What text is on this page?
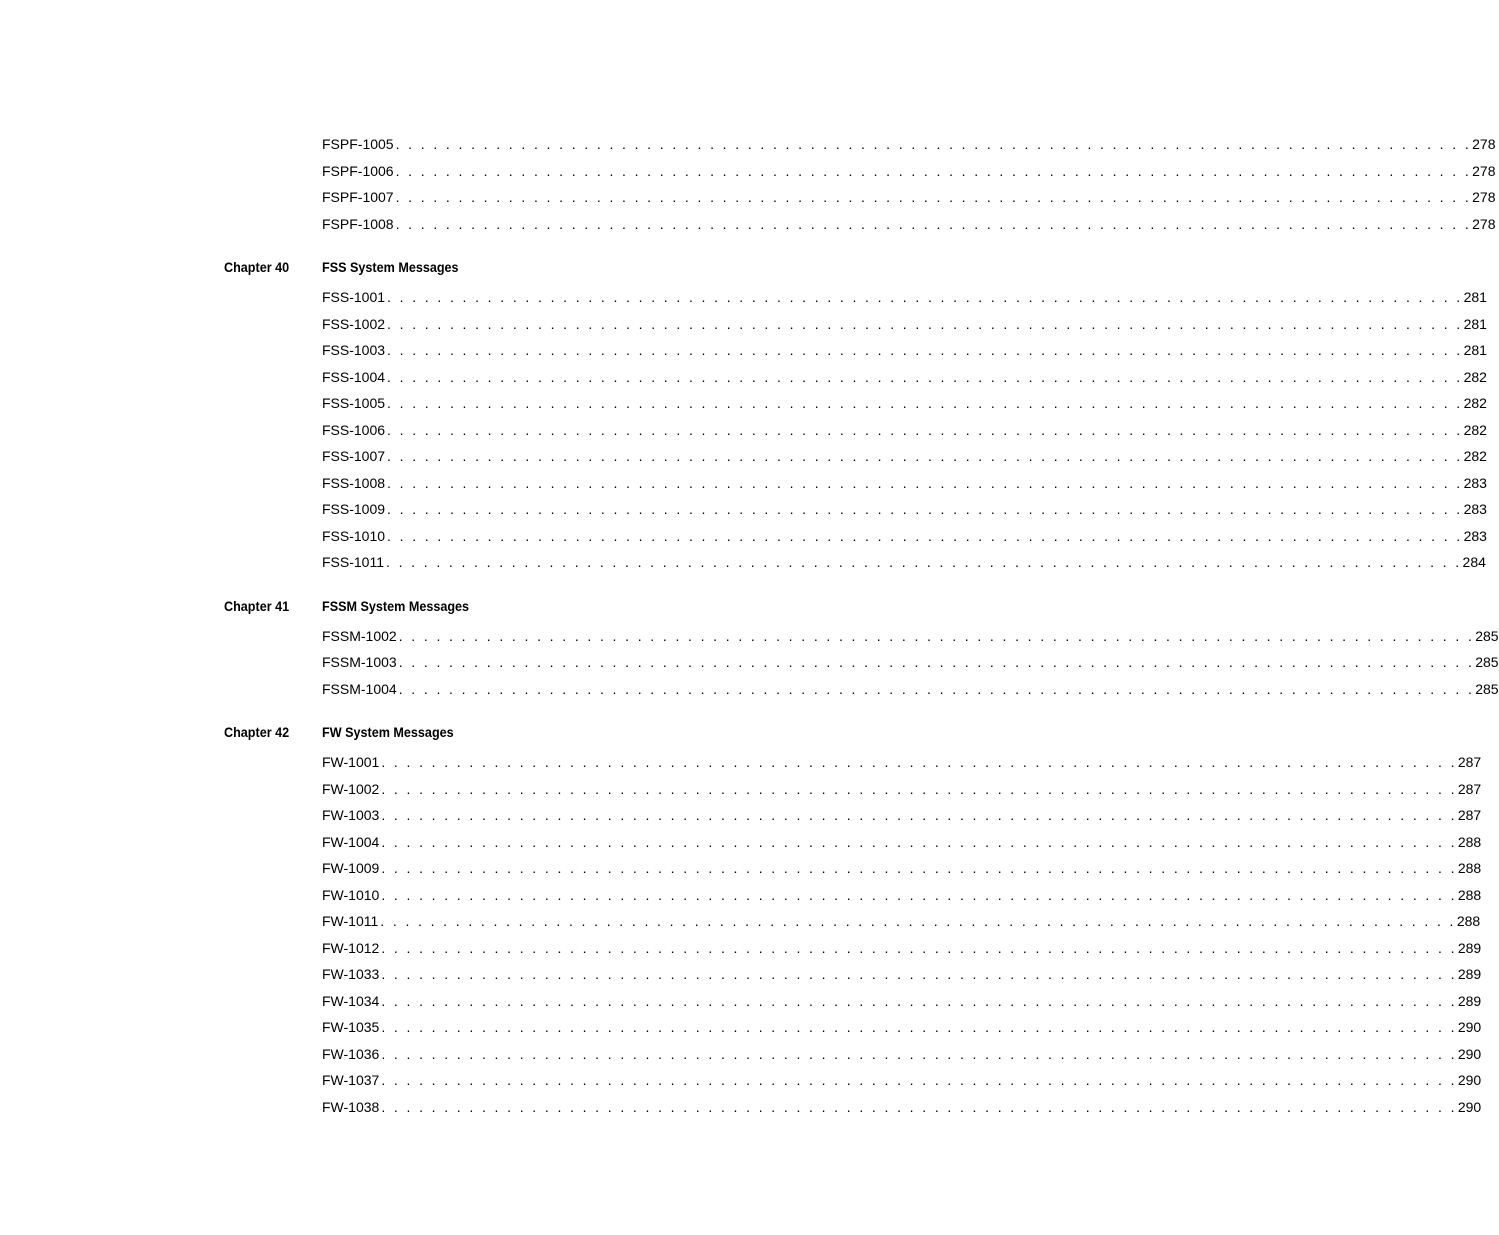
FSPF-1005 . . . . . . . . . . . . . . . . . . . . . . . . . . . . . . . . . . . . . . . . . . . . . . . . . . . . . . . . . . . . . . . . . . . . . . . . . . . . . . . . . . . . . . 278
FSPF-1006 . . . . . . . . . . . . . . . . . . . . . . . . . . . . . . . . . . . . . . . . . . . . . . . . . . . . . . . . . . . . . . . . . . . . . . . . . . . . . . . . . . . . . . 278
FSPF-1007 . . . . . . . . . . . . . . . . . . . . . . . . . . . . . . . . . . . . . . . . . . . . . . . . . . . . . . . . . . . . . . . . . . . . . . . . . . . . . . . . . . . . . . 278
FSPF-1008 . . . . . . . . . . . . . . . . . . . . . . . . . . . . . . . . . . . . . . . . . . . . . . . . . . . . . . . . . . . . . . . . . . . . . . . . . . . . . . . . . . . . . . 278
Chapter 40 FSS System Messages
FSS-1001 . . . . . . . . . . . . . . . . . . . . . . . . . . . . . . . . . . . . . . . . . . . . . . . . . . . . . . . . . . . . . . . . . . . . . . . . . . . . . . . . . . . . . . 281
FSS-1002 . . . . . . . . . . . . . . . . . . . . . . . . . . . . . . . . . . . . . . . . . . . . . . . . . . . . . . . . . . . . . . . . . . . . . . . . . . . . . . . . . . . . . . 281
FSS-1003 . . . . . . . . . . . . . . . . . . . . . . . . . . . . . . . . . . . . . . . . . . . . . . . . . . . . . . . . . . . . . . . . . . . . . . . . . . . . . . . . . . . . . . 281
FSS-1004 . . . . . . . . . . . . . . . . . . . . . . . . . . . . . . . . . . . . . . . . . . . . . . . . . . . . . . . . . . . . . . . . . . . . . . . . . . . . . . . . . . . . . . 282
FSS-1005 . . . . . . . . . . . . . . . . . . . . . . . . . . . . . . . . . . . . . . . . . . . . . . . . . . . . . . . . . . . . . . . . . . . . . . . . . . . . . . . . . . . . . . 282
FSS-1006 . . . . . . . . . . . . . . . . . . . . . . . . . . . . . . . . . . . . . . . . . . . . . . . . . . . . . . . . . . . . . . . . . . . . . . . . . . . . . . . . . . . . . . 282
FSS-1007 . . . . . . . . . . . . . . . . . . . . . . . . . . . . . . . . . . . . . . . . . . . . . . . . . . . . . . . . . . . . . . . . . . . . . . . . . . . . . . . . . . . . . . 282
FSS-1008 . . . . . . . . . . . . . . . . . . . . . . . . . . . . . . . . . . . . . . . . . . . . . . . . . . . . . . . . . . . . . . . . . . . . . . . . . . . . . . . . . . . . . . 283
FSS-1009 . . . . . . . . . . . . . . . . . . . . . . . . . . . . . . . . . . . . . . . . . . . . . . . . . . . . . . . . . . . . . . . . . . . . . . . . . . . . . . . . . . . . . . 283
FSS-1010 . . . . . . . . . . . . . . . . . . . . . . . . . . . . . . . . . . . . . . . . . . . . . . . . . . . . . . . . . . . . . . . . . . . . . . . . . . . . . . . . . . . . . . 283
FSS-1011 . . . . . . . . . . . . . . . . . . . . . . . . . . . . . . . . . . . . . . . . . . . . . . . . . . . . . . . . . . . . . . . . . . . . . . . . . . . . . . . . . . . . . . 284
Chapter 41 FSSM System Messages
FSSM-1002 . . . . . . . . . . . . . . . . . . . . . . . . . . . . . . . . . . . . . . . . . . . . . . . . . . . . . . . . . . . . . . . . . . . . . . . . . . . . . . . . . . . . . . 285
FSSM-1003 . . . . . . . . . . . . . . . . . . . . . . . . . . . . . . . . . . . . . . . . . . . . . . . . . . . . . . . . . . . . . . . . . . . . . . . . . . . . . . . . . . . . . . 285
FSSM-1004 . . . . . . . . . . . . . . . . . . . . . . . . . . . . . . . . . . . . . . . . . . . . . . . . . . . . . . . . . . . . . . . . . . . . . . . . . . . . . . . . . . . . . . 285
Chapter 42 FW System Messages
FW-1001 . . . . . . . . . . . . . . . . . . . . . . . . . . . . . . . . . . . . . . . . . . . . . . . . . . . . . . . . . . . . . . . . . . . . . . . . . . . . . . . . . . . . . . 287
FW-1002 . . . . . . . . . . . . . . . . . . . . . . . . . . . . . . . . . . . . . . . . . . . . . . . . . . . . . . . . . . . . . . . . . . . . . . . . . . . . . . . . . . . . . . 287
FW-1003 . . . . . . . . . . . . . . . . . . . . . . . . . . . . . . . . . . . . . . . . . . . . . . . . . . . . . . . . . . . . . . . . . . . . . . . . . . . . . . . . . . . . . . 287
FW-1004 . . . . . . . . . . . . . . . . . . . . . . . . . . . . . . . . . . . . . . . . . . . . . . . . . . . . . . . . . . . . . . . . . . . . . . . . . . . . . . . . . . . . . . 288
FW-1009 . . . . . . . . . . . . . . . . . . . . . . . . . . . . . . . . . . . . . . . . . . . . . . . . . . . . . . . . . . . . . . . . . . . . . . . . . . . . . . . . . . . . . . 288
FW-1010 . . . . . . . . . . . . . . . . . . . . . . . . . . . . . . . . . . . . . . . . . . . . . . . . . . . . . . . . . . . . . . . . . . . . . . . . . . . . . . . . . . . . . . 288
FW-1011 . . . . . . . . . . . . . . . . . . . . . . . . . . . . . . . . . . . . . . . . . . . . . . . . . . . . . . . . . . . . . . . . . . . . . . . . . . . . . . . . . . . . . . 288
FW-1012 . . . . . . . . . . . . . . . . . . . . . . . . . . . . . . . . . . . . . . . . . . . . . . . . . . . . . . . . . . . . . . . . . . . . . . . . . . . . . . . . . . . . . . 289
FW-1033 . . . . . . . . . . . . . . . . . . . . . . . . . . . . . . . . . . . . . . . . . . . . . . . . . . . . . . . . . . . . . . . . . . . . . . . . . . . . . . . . . . . . . . 289
FW-1034 . . . . . . . . . . . . . . . . . . . . . . . . . . . . . . . . . . . . . . . . . . . . . . . . . . . . . . . . . . . . . . . . . . . . . . . . . . . . . . . . . . . . . . 289
FW-1035 . . . . . . . . . . . . . . . . . . . . . . . . . . . . . . . . . . . . . . . . . . . . . . . . . . . . . . . . . . . . . . . . . . . . . . . . . . . . . . . . . . . . . . 290
FW-1036 . . . . . . . . . . . . . . . . . . . . . . . . . . . . . . . . . . . . . . . . . . . . . . . . . . . . . . . . . . . . . . . . . . . . . . . . . . . . . . . . . . . . . . 290
FW-1037 . . . . . . . . . . . . . . . . . . . . . . . . . . . . . . . . . . . . . . . . . . . . . . . . . . . . . . . . . . . . . . . . . . . . . . . . . . . . . . . . . . . . . . 290
FW-1038 . . . . . . . . . . . . . . . . . . . . . . . . . . . . . . . . . . . . . . . . . . . . . . . . . . . . . . . . . . . . . . . . . . . . . . . . . . . . . . . . . . . . . . 290
